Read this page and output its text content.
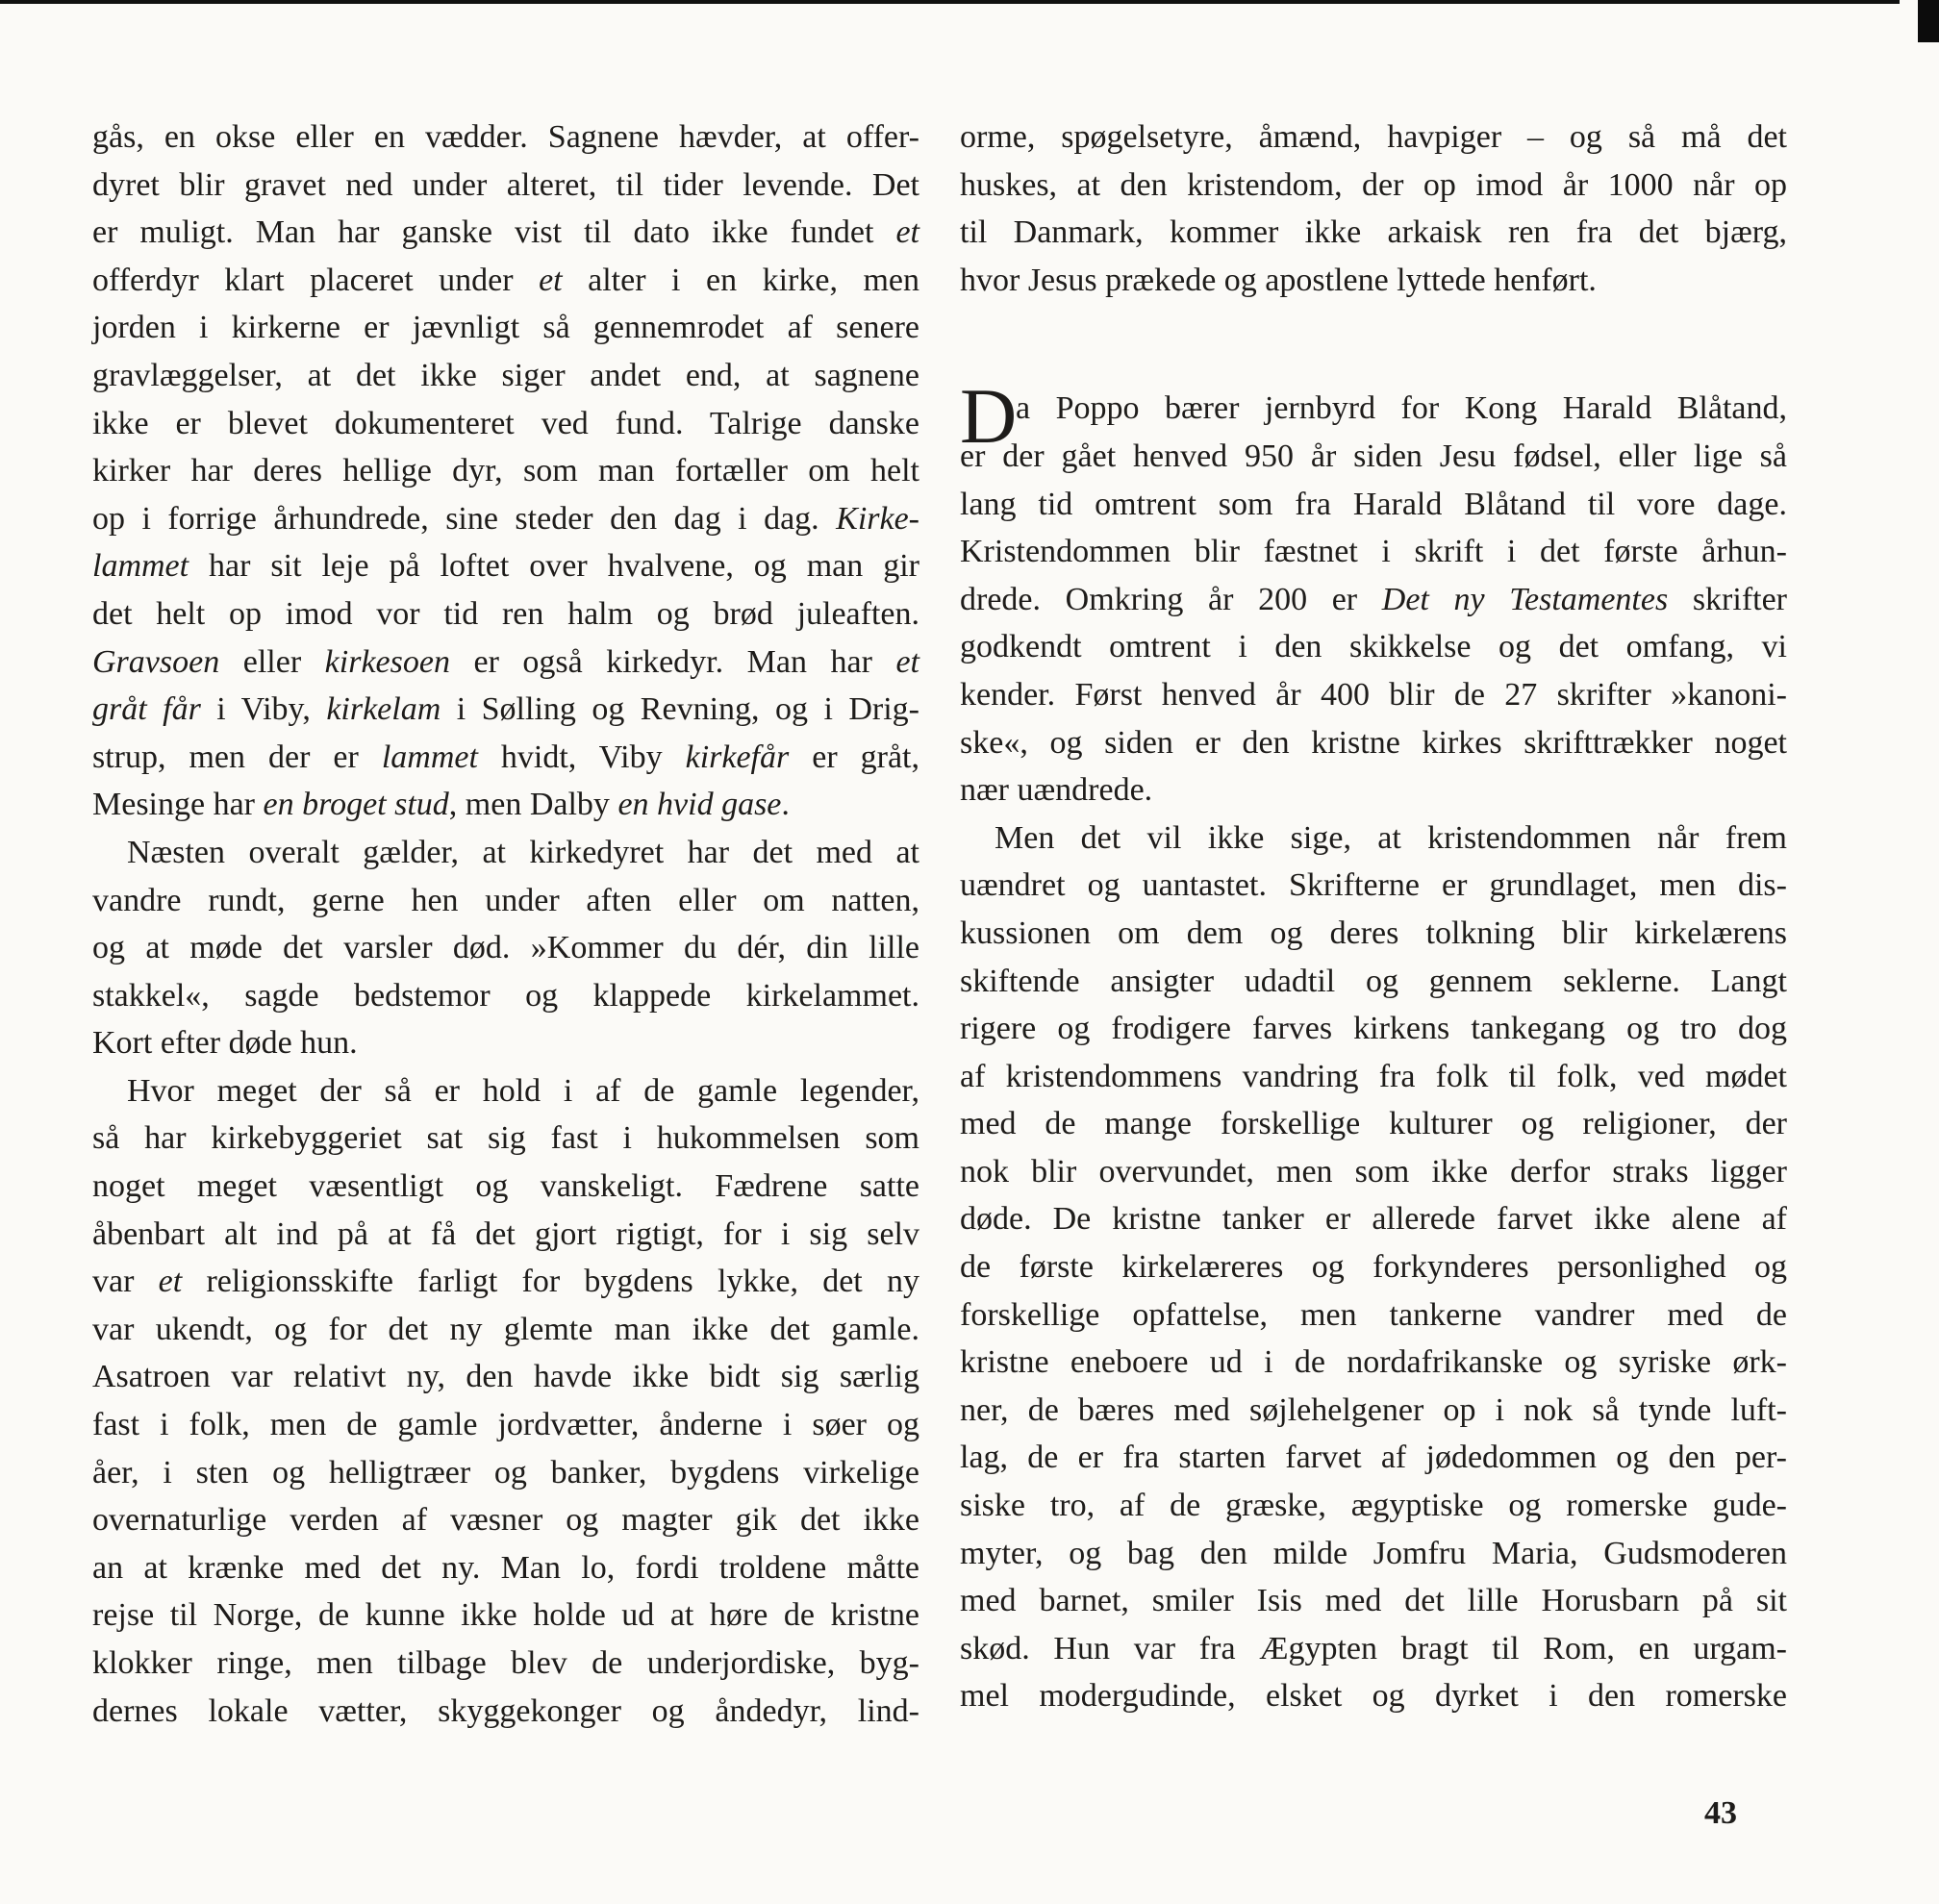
gås, en okse eller en vædder. Sagnene hævder, at offer-
dyret blir gravet ned under alteret, til tider levende. Det
er muligt. Man har ganske vist til dato ikke fundet et
offerdyr klart placeret under et alter i en kirke, men
jorden i kirkerne er jævnligt så gennemrodet af senere
gravlæggelser, at det ikke siger andet end, at sagnene
ikke er blevet dokumenteret ved fund. Talrige danske
kirker har deres hellige dyr, som man fortæller om helt
op i forrige århundrede, sine steder den dag i dag. Kirke-
lammet har sit leje på loftet over hvalvene, og man gir
det helt op imod vor tid ren halm og brød juleaften.
Gravsoen eller kirkesoen er også kirkedyr. Man har et
gråt får i Viby, kirkelam i Sølling og Revning, og i Drig-
strup, men der er lammet hvidt, Viby kirkefår er gråt,
Mesinge har en broget stud, men Dalby en hvid gase.
Næsten overalt gælder, at kirkedyret har det med at
vandre rundt, gerne hen under aften eller om natten,
og at møde det varsler død. »Kommer du dér, din lille
stakkel«, sagde bedstemor og klappede kirkelammet.
Kort efter døde hun.
Hvor meget der så er hold i af de gamle legender,
så har kirkebyggeriet sat sig fast i hukommelsen som
noget meget væsentligt og vanskeligt. Fædrene satte
åbenbart alt ind på at få det gjort rigtigt, for i sig selv
var et religionsskifte farligt for bygdens lykke, det ny
var ukendt, og for det ny glemte man ikke det gamle.
Asatroen var relativt ny, den havde ikke bidt sig særlig
fast i folk, men de gamle jordvætter, ånderne i søer og
åer, i sten og helligtræer og banker, bygdens virkelige
overnaturlige verden af væsner og magter gik det ikke
an at krænke med det ny. Man lo, fordi troldene måtte
rejse til Norge, de kunne ikke holde ud at høre de kristne
klokker ringe, men tilbage blev de underjordiske, byg-
dernes lokale vætter, skyggekonger og åndedyr, lind-
orme, spøgelsetyre, åmænd, havpiger – og så må det
huskes, at den kristendom, der op imod år 1000 når op
til Danmark, kommer ikke arkaisk ren fra det bjærg,
hvor Jesus prækede og apostlene lyttede henført.
D
a Poppo bærer jernbyrd for Kong Harald Blåtand,
er der gået henved 950 år siden Jesu fødsel, eller lige så
lang tid omtrent som fra Harald Blåtand til vore dage.
Kristendommen blir fæstnet i skrift i det første århun-
drede. Omkring år 200 er Det ny Testamentes skrifter
godkendt omtrent i den skikkelse og det omfang, vi
kender. Først henved år 400 blir de 27 skrifter »kanoni-
ske«, og siden er den kristne kirkes skrifttrækker noget
nær uændrede.
Men det vil ikke sige, at kristendommen når frem
uændret og uantastet. Skrifterne er grundlaget, men dis-
kussionen om dem og deres tolkning blir kirkelærens
skiftende ansigter udadtil og gennem seklerne. Langt
rigere og frodigere farves kirkens tankegang og tro dog
af kristendommens vandring fra folk til folk, ved mødet
med de mange forskellige kulturer og religioner, der
nok blir overvundet, men som ikke derfor straks ligger
døde. De kristne tanker er allerede farvet ikke alene af
de første kirkelæreres og forkynderes personlighed og
forskellige opfattelse, men tankerne vandrer med de
kristne eneboere ud i de nordafrikanske og syriske ørk-
ner, de bæres med søjlehelgener op i nok så tynde luft-
lag, de er fra starten farvet af jødedommen og den per-
siske tro, af de græske, ægyptiske og romerske gude-
myter, og bag den milde Jomfru Maria, Gudsmoderen
med barnet, smiler Isis med det lille Horusbarn på sit
skød. Hun var fra Ægypten bragt til Rom, en urgam-
mel modergudinde, elsket og dyrket i den romerske
43
